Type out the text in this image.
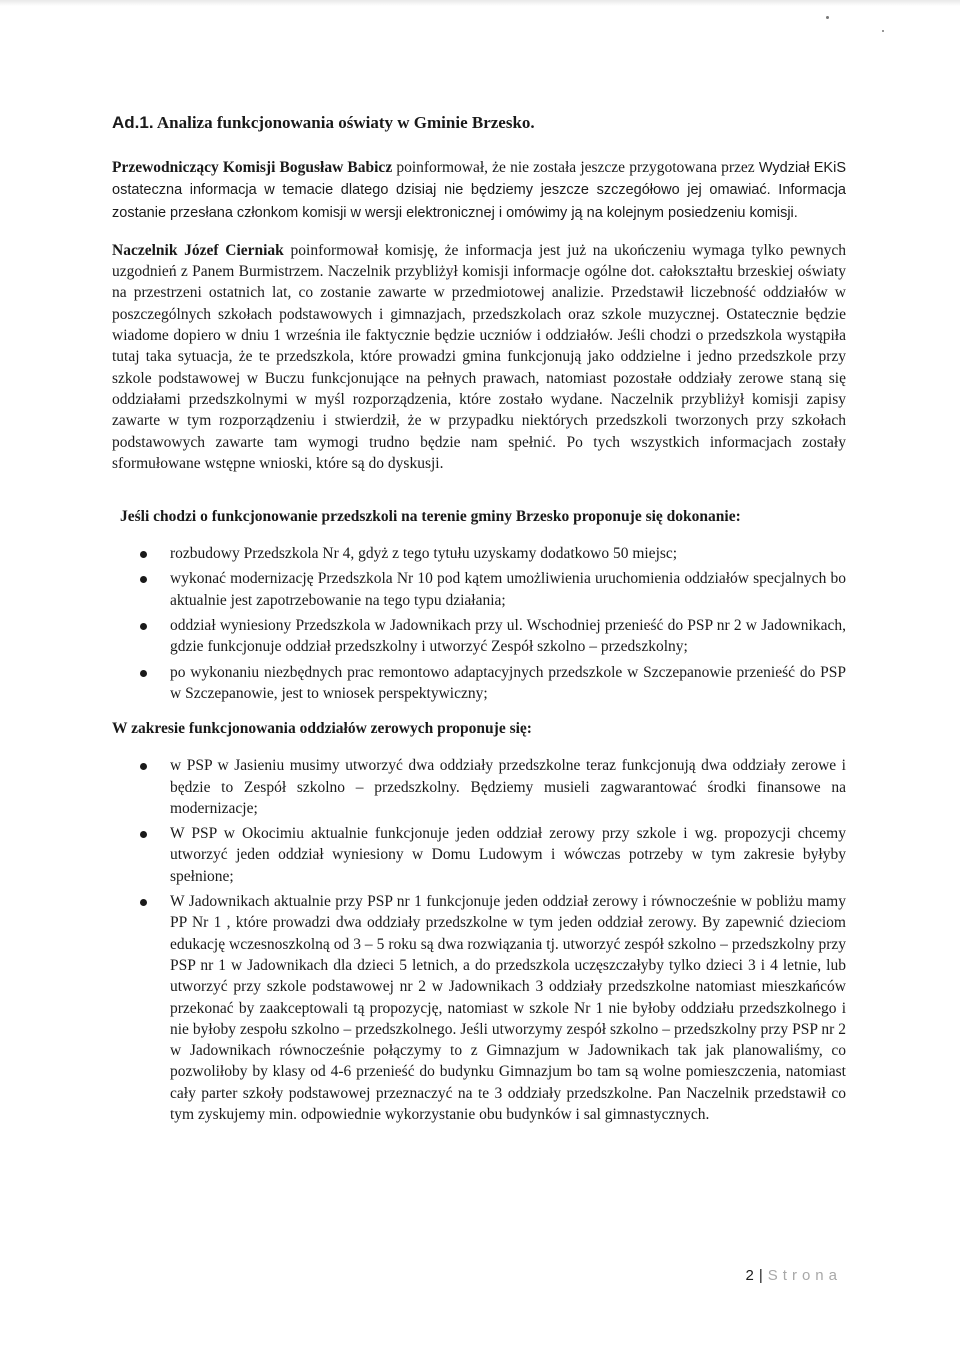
Ad.1. Analiza funkcjonowania oświaty w Gminie Brzesko.

Przewodniczący Komisji Bogusław Babicz poinformował, że nie została jeszcze przygotowana przez Wydział EKiS ostateczna informacja w temacie dlatego dzisiaj nie będziemy jeszcze szczegółowo jej omawiać. Informacja zostanie przesłana członkom komisji w wersji elektronicznej i omówimy ją na kolejnym posiedzeniu komisji.

Naczelnik Józef Cierniak poinformował komisję, że informacja jest już na ukończeniu wymaga tylko pewnych uzgodnień z Panem Burmistrzem. Naczelnik przybliżył komisji informacje ogólne dot. całokształtu brzeskiej oświaty na przestrzeni ostatnich lat, co zostanie zawarte w przedmiotowej analizie. Przedstawił liczebność oddziałów w poszczególnych szkołach podstawowych i gimnazjach, przedszkolach oraz szkole muzycznej. Ostatecznie będzie wiadome dopiero w dniu 1 września ile faktycznie będzie uczniów i oddziałów. Jeśli chodzi o przedszkola wystąpiła tutaj taka sytuacja, że te przedszkola, które prowadzi gmina funkcjonują jako oddzielne i jedno przedszkole przy szkole podstawowej w Buczu funkcjonujące na pełnych prawach, natomiast pozostałe oddziały zerowe staną się oddziałami przedszkolnymi w myśl rozporządzenia, które zostało wydane. Naczelnik przybliżył komisji zapisy zawarte w tym rozporządzeniu i stwierdził, że w przypadku niektórych przedszkoli tworzonych przy szkołach podstawowych zawarte tam wymogi trudno będzie nam spełnić. Po tych wszystkich informacjach zostały sformułowane wstępne wnioski, które są do dyskusji.

Jeśli chodzi o funkcjonowanie przedszkoli na terenie gminy Brzesko proponuje się dokonanie:
rozbudowy Przedszkola Nr 4, gdyż z tego tytułu uzyskamy dodatkowo 50 miejsc;
wykonać modernizację Przedszkola Nr 10 pod kątem umożliwienia uruchomienia oddziałów specjalnych bo aktualnie jest zapotrzebowanie na tego typu działania;
oddział wyniesiony Przedszkola w Jadownikach przy ul. Wschodniej przenieść do PSP nr 2 w Jadownikach, gdzie funkcjonuje oddział przedszkolny i utworzyć Zespół szkolno – przedszkolny;
po wykonaniu niezbędnych prac remontowo adaptacyjnych przedszkole w Szczepanowie przenieść do PSP w Szczepanowie, jest to wniosek perspektywiczny;
W zakresie funkcjonowania oddziałów zerowych proponuje się:
w PSP w Jasieniu musimy utworzyć dwa oddziały przedszkolne teraz funkcjonują dwa oddziały zerowe i będzie to Zespół szkolno – przedszkolny. Będziemy musieli zagwarantować środki finansowe na modernizacje;
W PSP w Okocimiu aktualnie funkcjonuje jeden oddział zerowy przy szkole i wg. propozycji chcemy utworzyć jeden oddział wyniesiony w Domu Ludowym i wówczas potrzeby w tym zakresie byłyby spełnione;
W Jadownikach aktualnie przy PSP nr 1 funkcjonuje jeden oddział zerowy i równocześnie w pobliżu mamy PP Nr 1 , które prowadzi dwa oddziały przedszkolne w tym jeden oddział zerowy. By zapewnić dzieciom edukację wczesnoszkolną od 3 – 5 roku są dwa rozwiązania tj. utworzyć zespół szkolno – przedszkolny przy PSP nr 1 w Jadownikach dla dzieci 5 letnich, a do przedszkola uczęszczałyby tylko dzieci 3 i 4 letnie, lub utworzyć przy szkole podstawowej nr 2 w Jadownikach 3 oddziały przedszkolne natomiast mieszkańców przekonać by zaakceptowali tą propozycję, natomiast w szkole Nr 1 nie byłoby oddziału przedszkolnego i nie byłoby zespołu szkolno – przedszkolnego. Jeśli utworzymy zespół szkolno – przedszkolny przy PSP nr 2 w Jadownikach równocześnie połączymy to z Gimnazjum w Jadownikach tak jak planowaliśmy, co pozwoliłoby by klasy od 4-6 przenieść do budynku Gimnazjum bo tam są wolne pomieszczenia, natomiast cały parter szkoły podstawowej przeznaczyć na te 3 oddziały przedszkolne. Pan Naczelnik przedstawił co tym zyskujemy min. odpowiednie wykorzystanie obu budynków i sal gimnastycznych.
2 | Strona
